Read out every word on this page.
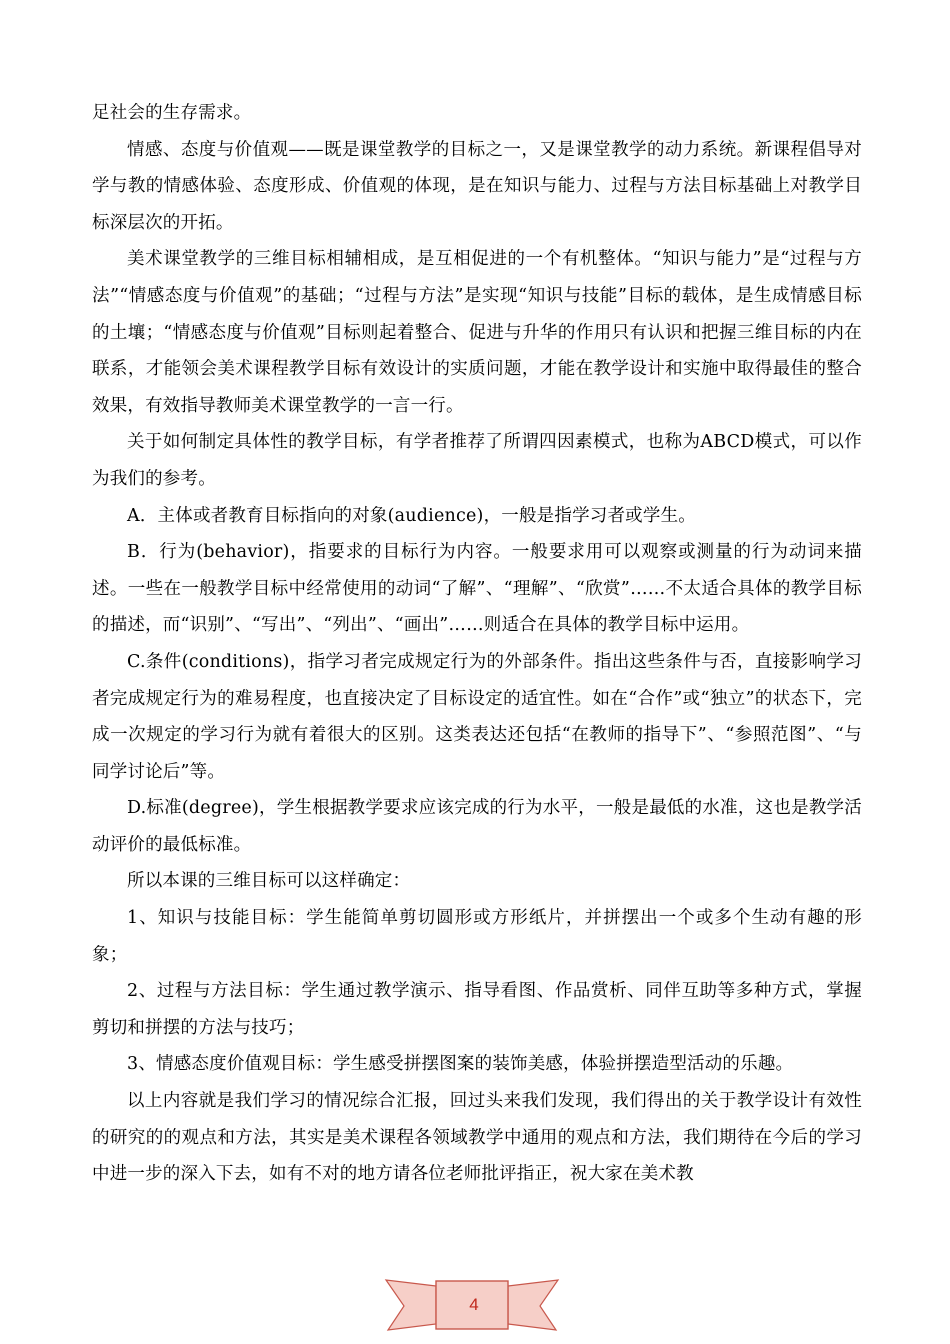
足社会的生存需求。

情感、态度与价值观——既是课堂教学的目标之一，又是课堂教学的动力系统。新课程倡导对学与教的情感体验、态度形成、价值观的体现，是在知识与能力、过程与方法目标基础上对教学目标深层次的开拓。

美术课堂教学的三维目标相辅相成，是互相促进的一个有机整体。“知识与能力”是“过程与方法”“情感态度与价值观”的基础；“过程与方法”是实现“知识与技能”目标的载体，是生成情感目标的土壤；“情感态度与价值观”目标则起着整合、促进与升华的作用只有认识和把握三维目标的内在联系，才能领会美术课程教学目标有效设计的实质问题，才能在教学设计和实施中取得最佳的整合效果，有效指导教师美术课堂教学的一言一行。

关于如何制定具体性的教学目标，有学者推荐了所谓四因素模式，也称为ABCD模式，可以作为我们的参考。

A．主体或者教育目标指向的对象(audience)，一般是指学习者或学生。

B．行为(behavior)，指要求的目标行为内容。一般要求用可以观察或测量的行为动词来描述。一些在一般教学目标中经常使用的动词“了解”、“理解”、“欣赏”……不太适合具体的教学目标的描述，而“识别”、“写出”、“列出”、“画出”……则适合在具体的教学目标中运用。

C.条件(conditions)，指学习者完成规定行为的外部条件。指出这些条件与否，直接影响学习者完成规定行为的难易程度，也直接决定了目标设定的适宜性。如在“合作”或“独立”的状态下，完成一次规定的学习行为就有着很大的区别。这类表达还包括“在教师的指导下”、“参照范图”、“与同学讨论后”等。

D.标准(degree)，学生根据教学要求应该完成的行为水平，一般是最低的水准，这也是教学活动评价的最低标准。

所以本课的三维目标可以这样确定：

1、知识与技能目标：学生能简单剪切圆形或方形纸片，并拼摆出一个或多个生动有趣的形象；

2、过程与方法目标：学生通过教学演示、指导看图、作品赏析、同伴互助等多种方式，掌握剪切和拼摆的方法与技巧；

3、情感态度价值观目标：学生感受拼摆图案的装饰美感，体验拼摆造型活动的乐趣。

以上内容就是我们学习的情况综合汇报，回过头来我们发现，我们得出的关于教学设计有效性的研究的的观点和方法，其实是美术课程各领域教学中通用的观点和方法，我们期待在今后的学习中进一步的深入下去，如有不对的地方请各位老师批评指正，祝大家在美术教

4
